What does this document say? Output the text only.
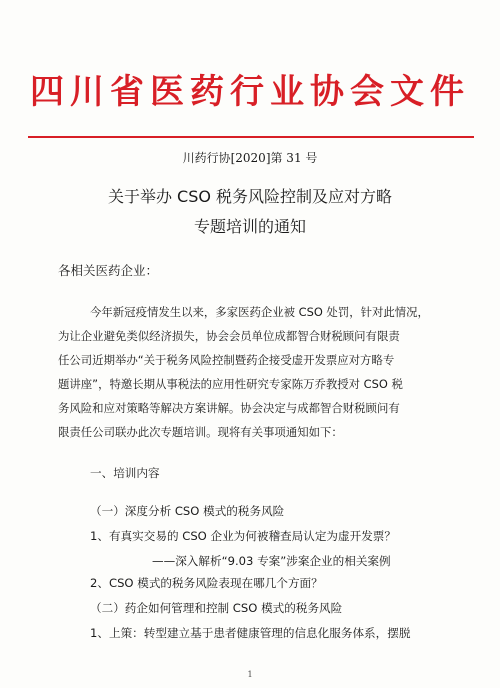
四川省医药行业协会文件
川药行协[2020]第 31 号
关于举办 CSO 税务风险控制及应对方略
专题培训的通知
各相关医药企业：
今年新冠疫情发生以来，多家医药企业被 CSO 处罚，针对此情况，
为让企业避免类似经济损失，协会会员单位成都智合财税顾问有限责
任公司近期举办“关于税务风险控制暨药企接受虚开发票应对方略专
题讲座”，特邀长期从事税法的应用性研究专家陈万乔教授对 CSO 税
务风险和应对策略等解决方案讲解。协会决定与成都智合财税顾问有
限责任公司联办此次专题培训。现将有关事项通知如下：
一、培训内容
（一）深度分析 CSO 模式的税务风险
1、有真实交易的 CSO 企业为何被稽查局认定为虚开发票？
——深入解析“9.03 专案”涉案企业的相关案例
2、CSO 模式的税务风险表现在哪几个方面？
（二）药企如何管理和控制 CSO 模式的税务风险
1、上策：转型建立基于患者健康管理的信息化服务体系，摆脱
1
